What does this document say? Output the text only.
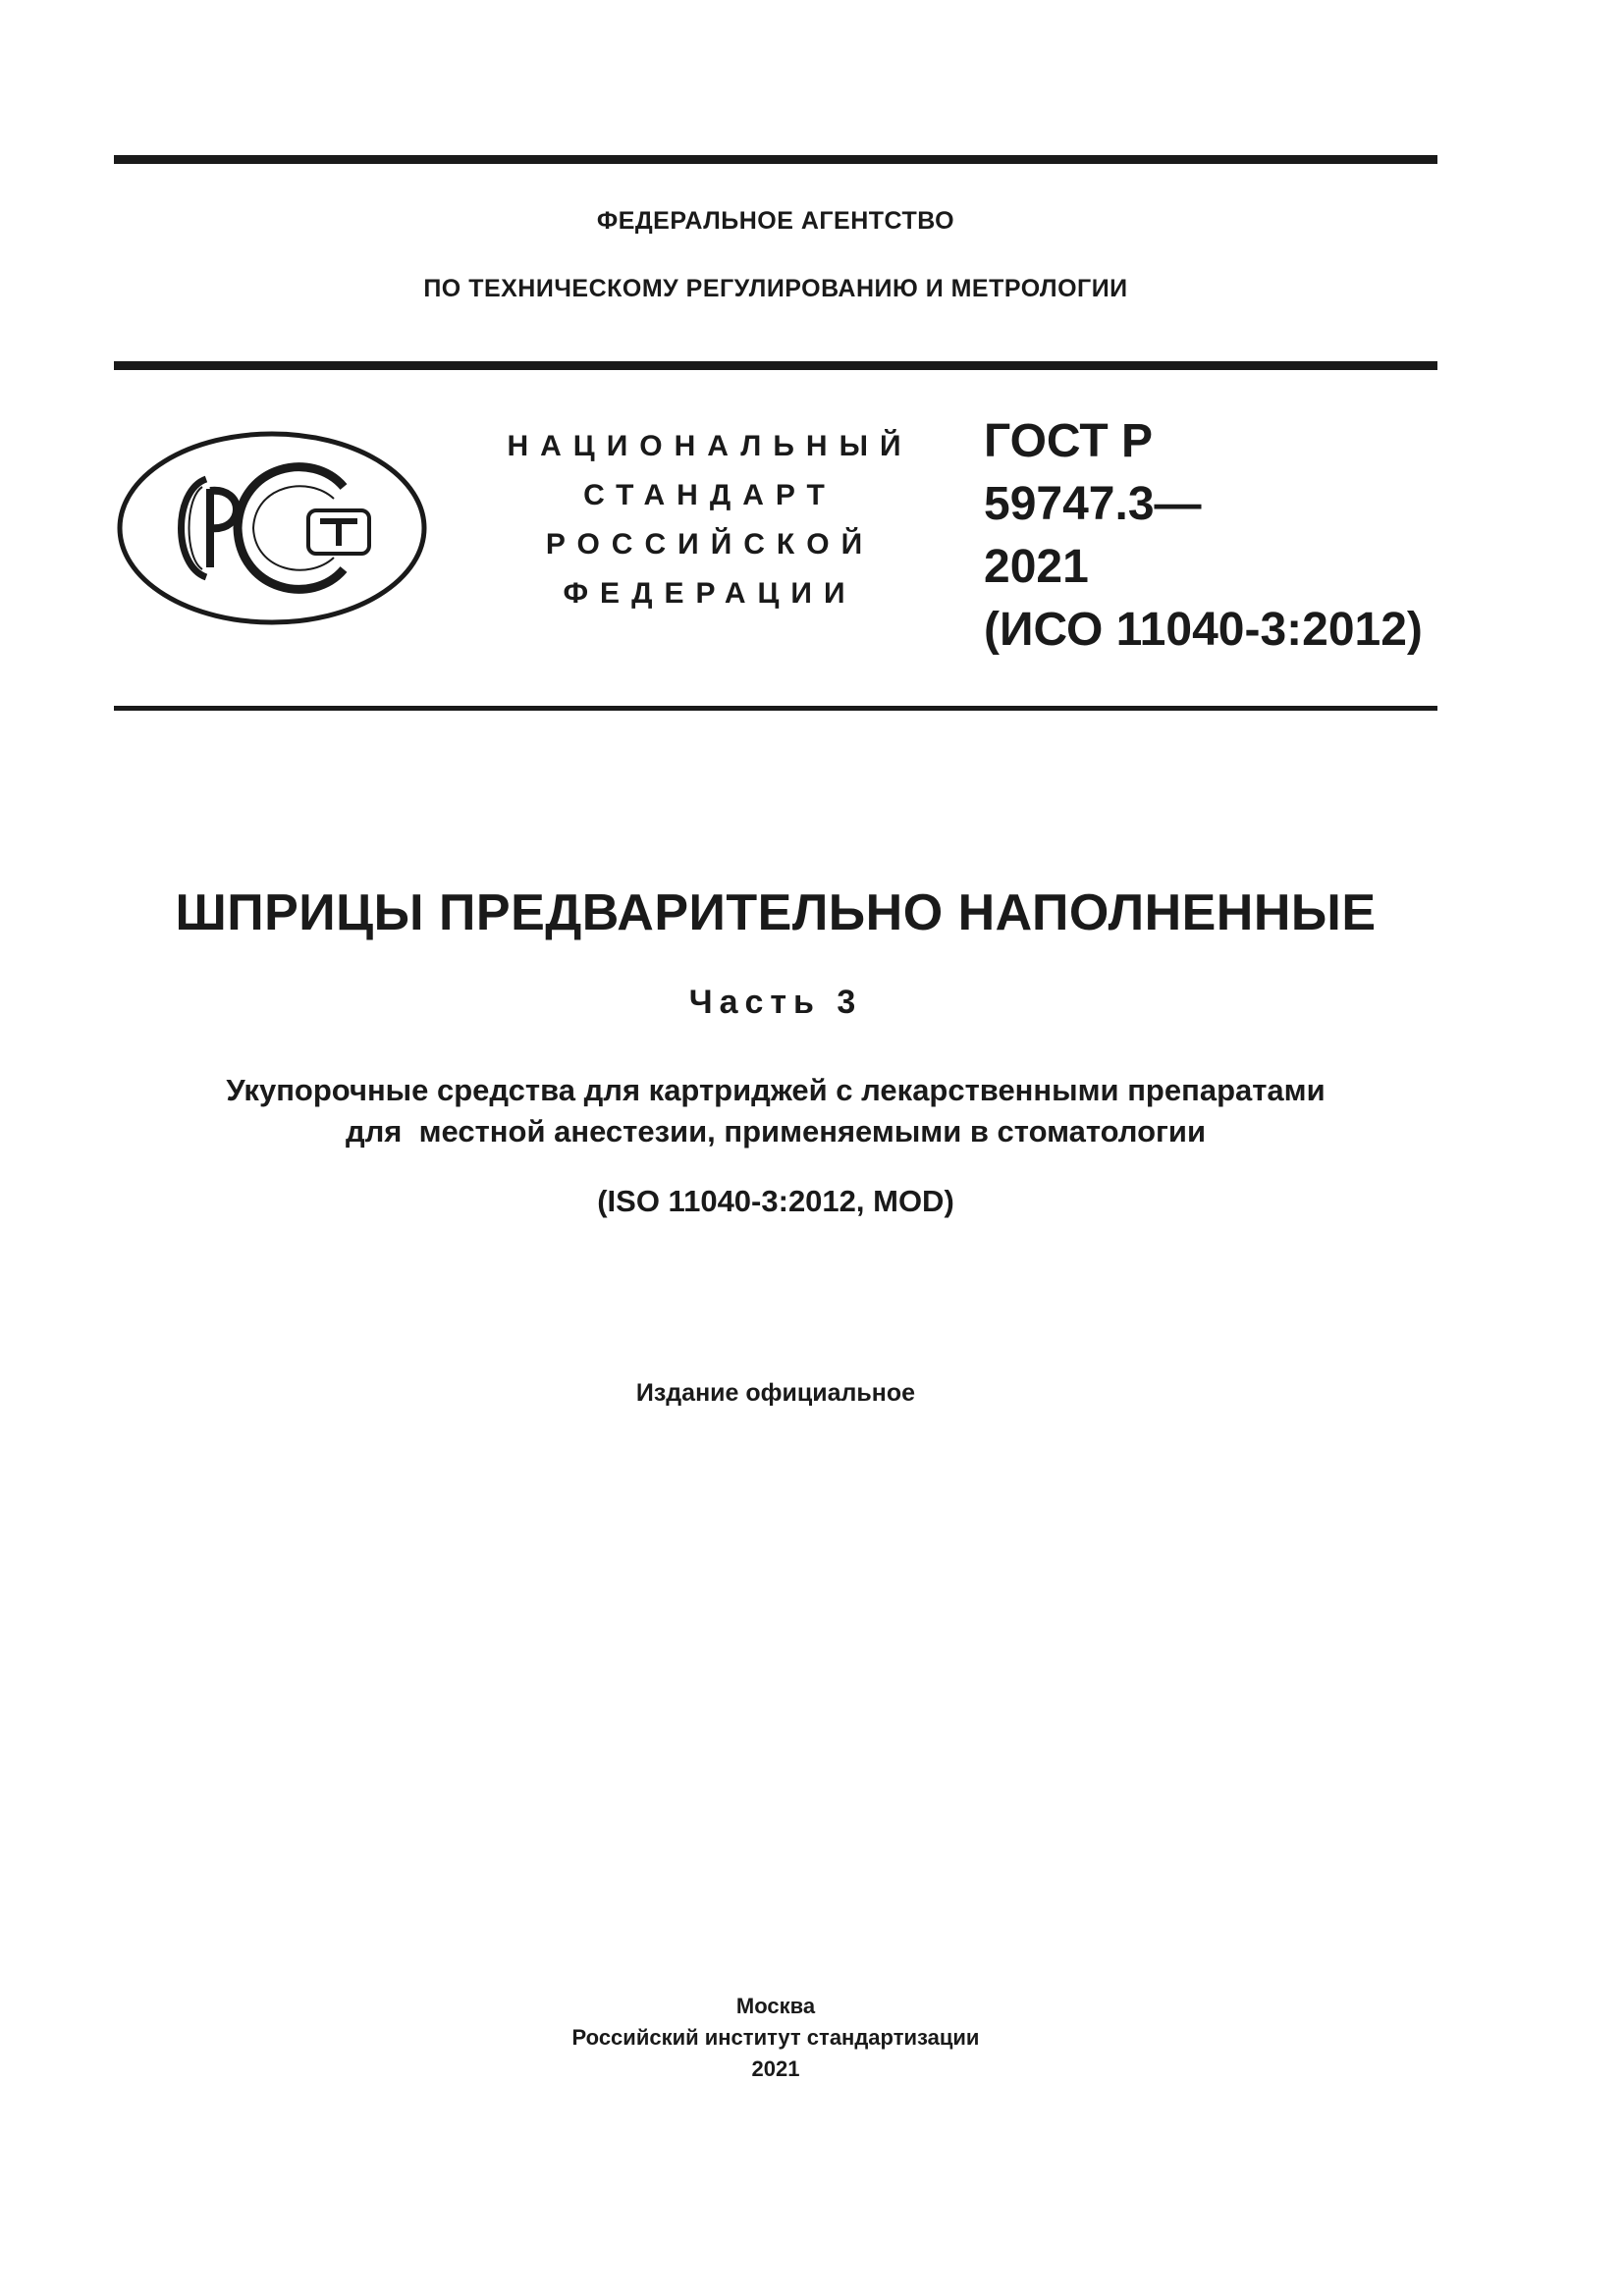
ФЕДЕРАЛЬНОЕ АГЕНТСТВО
ПО ТЕХНИЧЕСКОМУ РЕГУЛИРОВАНИЮ И МЕТРОЛОГИИ
НАЦИОНАЛЬНЫЙ
СТАНДАРТ
РОССИЙСКОЙ
ФЕДЕРАЦИИ
ГОСТ Р
59747.3—
2021
(ИСО 11040-3:2012)
ШПРИЦЫ ПРЕДВАРИТЕЛЬНО НАПОЛНЕННЫЕ
Часть 3
Укупорочные средства для картриджей с лекарственными препаратами
для  местной анестезии, применяемыми в стоматологии
(ISO 11040-3:2012, MOD)
Издание официальное
Москва
Российский институт стандартизации
2021
